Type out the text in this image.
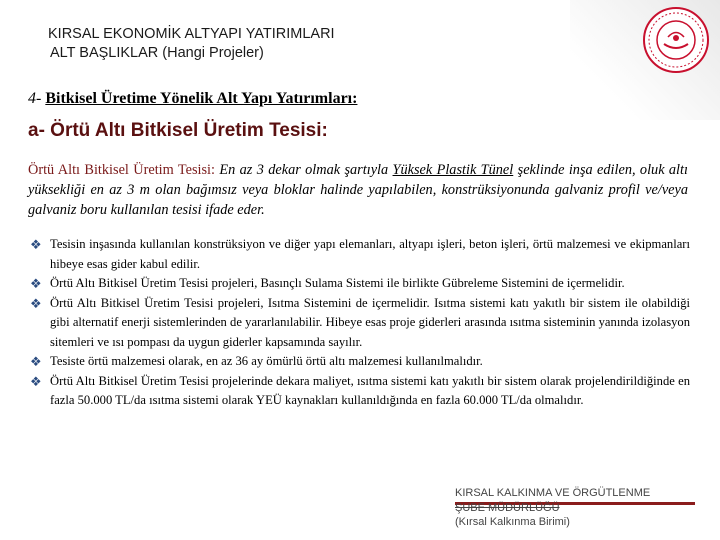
KIRSAL EKONOMİK ALTYAPI YATIRIMLARI
ALT BAŞLIKLAR (Hangi Projeler)
4- Bitkisel Üretime Yönelik Alt Yapı Yatırımları:
a- Örtü Altı Bitkisel Üretim Tesisi:
Örtü Altı Bitkisel Üretim Tesisi: En az 3 dekar olmak şartıyla Yüksek Plastik Tünel şeklinde inşa edilen, oluk altı yüksekliği en az 3 m olan bağımsız veya bloklar halinde yapılabilen, konstrüksiyonunda galvaniz profil ve/veya galvaniz boru kullanılan tesisi ifade eder.
❖ Tesisin inşasında kullanılan konstrüksiyon ve diğer yapı elemanları, altyapı işleri, beton işleri, örtü malzemesi ve ekipmanları hibeye esas gider kabul edilir.
❖ Örtü Altı Bitkisel Üretim Tesisi projeleri, Basınçlı Sulama Sistemi ile birlikte Gübreleme Sistemini de içermelidir.
❖ Örtü Altı Bitkisel Üretim Tesisi projeleri, Isıtma Sistemini de içermelidir. Isıtma sistemi katı yakıtlı bir sistem ile olabildiği gibi alternatif enerji sistemlerinden de yararlanılabilir. Hibeye esas proje giderleri arasında ısıtma sisteminin yanında izolasyon sitemleri ve ısı pompası da uygun giderler kapsamında sayılır.
❖ Tesiste örtü malzemesi olarak, en az 36 ay ömürlü örtü altı malzemesi kullanılmalıdır.
❖ Örtü Altı Bitkisel Üretim Tesisi projelerinde dekara maliyet, ısıtma sistemi katı yakıtlı bir sistem olarak projelendirildiğinde en fazla 50.000 TL/da ısıtma sistemi olarak YEÜ kaynakları kullanıldığında en fazla 60.000 TL/da olmalıdır.
KIRSAL KALKINMA VE ÖRGÜTLENME
ŞUBE MÜDÜRLÜĞÜ
(Kırsal Kalkınma Birimi)
